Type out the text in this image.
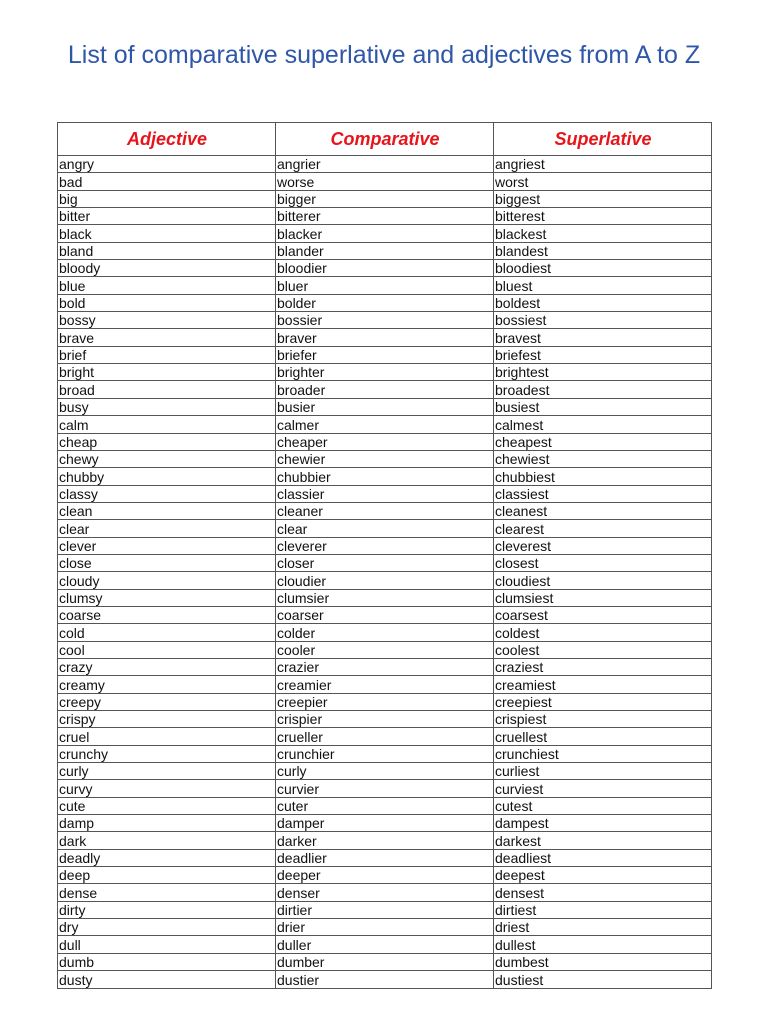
List of comparative superlative and adjectives from A to Z
Adjective	Comparative	Superlative
angry	angrier	angriest
bad	worse	worst
big	bigger	biggest
bitter	bitterer	bitterest
black	blacker	blackest
bland	blander	blandest
bloody	bloodier	bloodiest
blue	bluer	bluest
bold	bolder	boldest
bossy	bossier	bossiest
brave	braver	bravest
brief	briefer	briefest
bright	brighter	brightest
broad	broader	broadest
busy	busier	busiest
calm	calmer	calmest
cheap	cheaper	cheapest
chewy	chewier	chewiest
chubby	chubbier	chubbiest
classy	classier	classiest
clean	cleaner	cleanest
clear	clear	clearest
clever	cleverer	cleverest
close	closer	closest
cloudy	cloudier	cloudiest
clumsy	clumsier	clumsiest
coarse	coarser	coarsest
cold	colder	coldest
cool	cooler	coolest
crazy	crazier	craziest
creamy	creamier	creamiest
creepy	creepier	creepiest
crispy	crispier	crispiest
cruel	crueller	cruellest
crunchy	crunchier	crunchiest
curly	curly	curliest
curvy	curvier	curviest
cute	cuter	cutest
damp	damper	dampest
dark	darker	darkest
deadly	deadlier	deadliest
deep	deeper	deepest
dense	denser	densest
dirty	dirtier	dirtiest
dry	drier	driest
dull	duller	dullest
dumb	dumber	dumbest
dusty	dustier	dustiest
